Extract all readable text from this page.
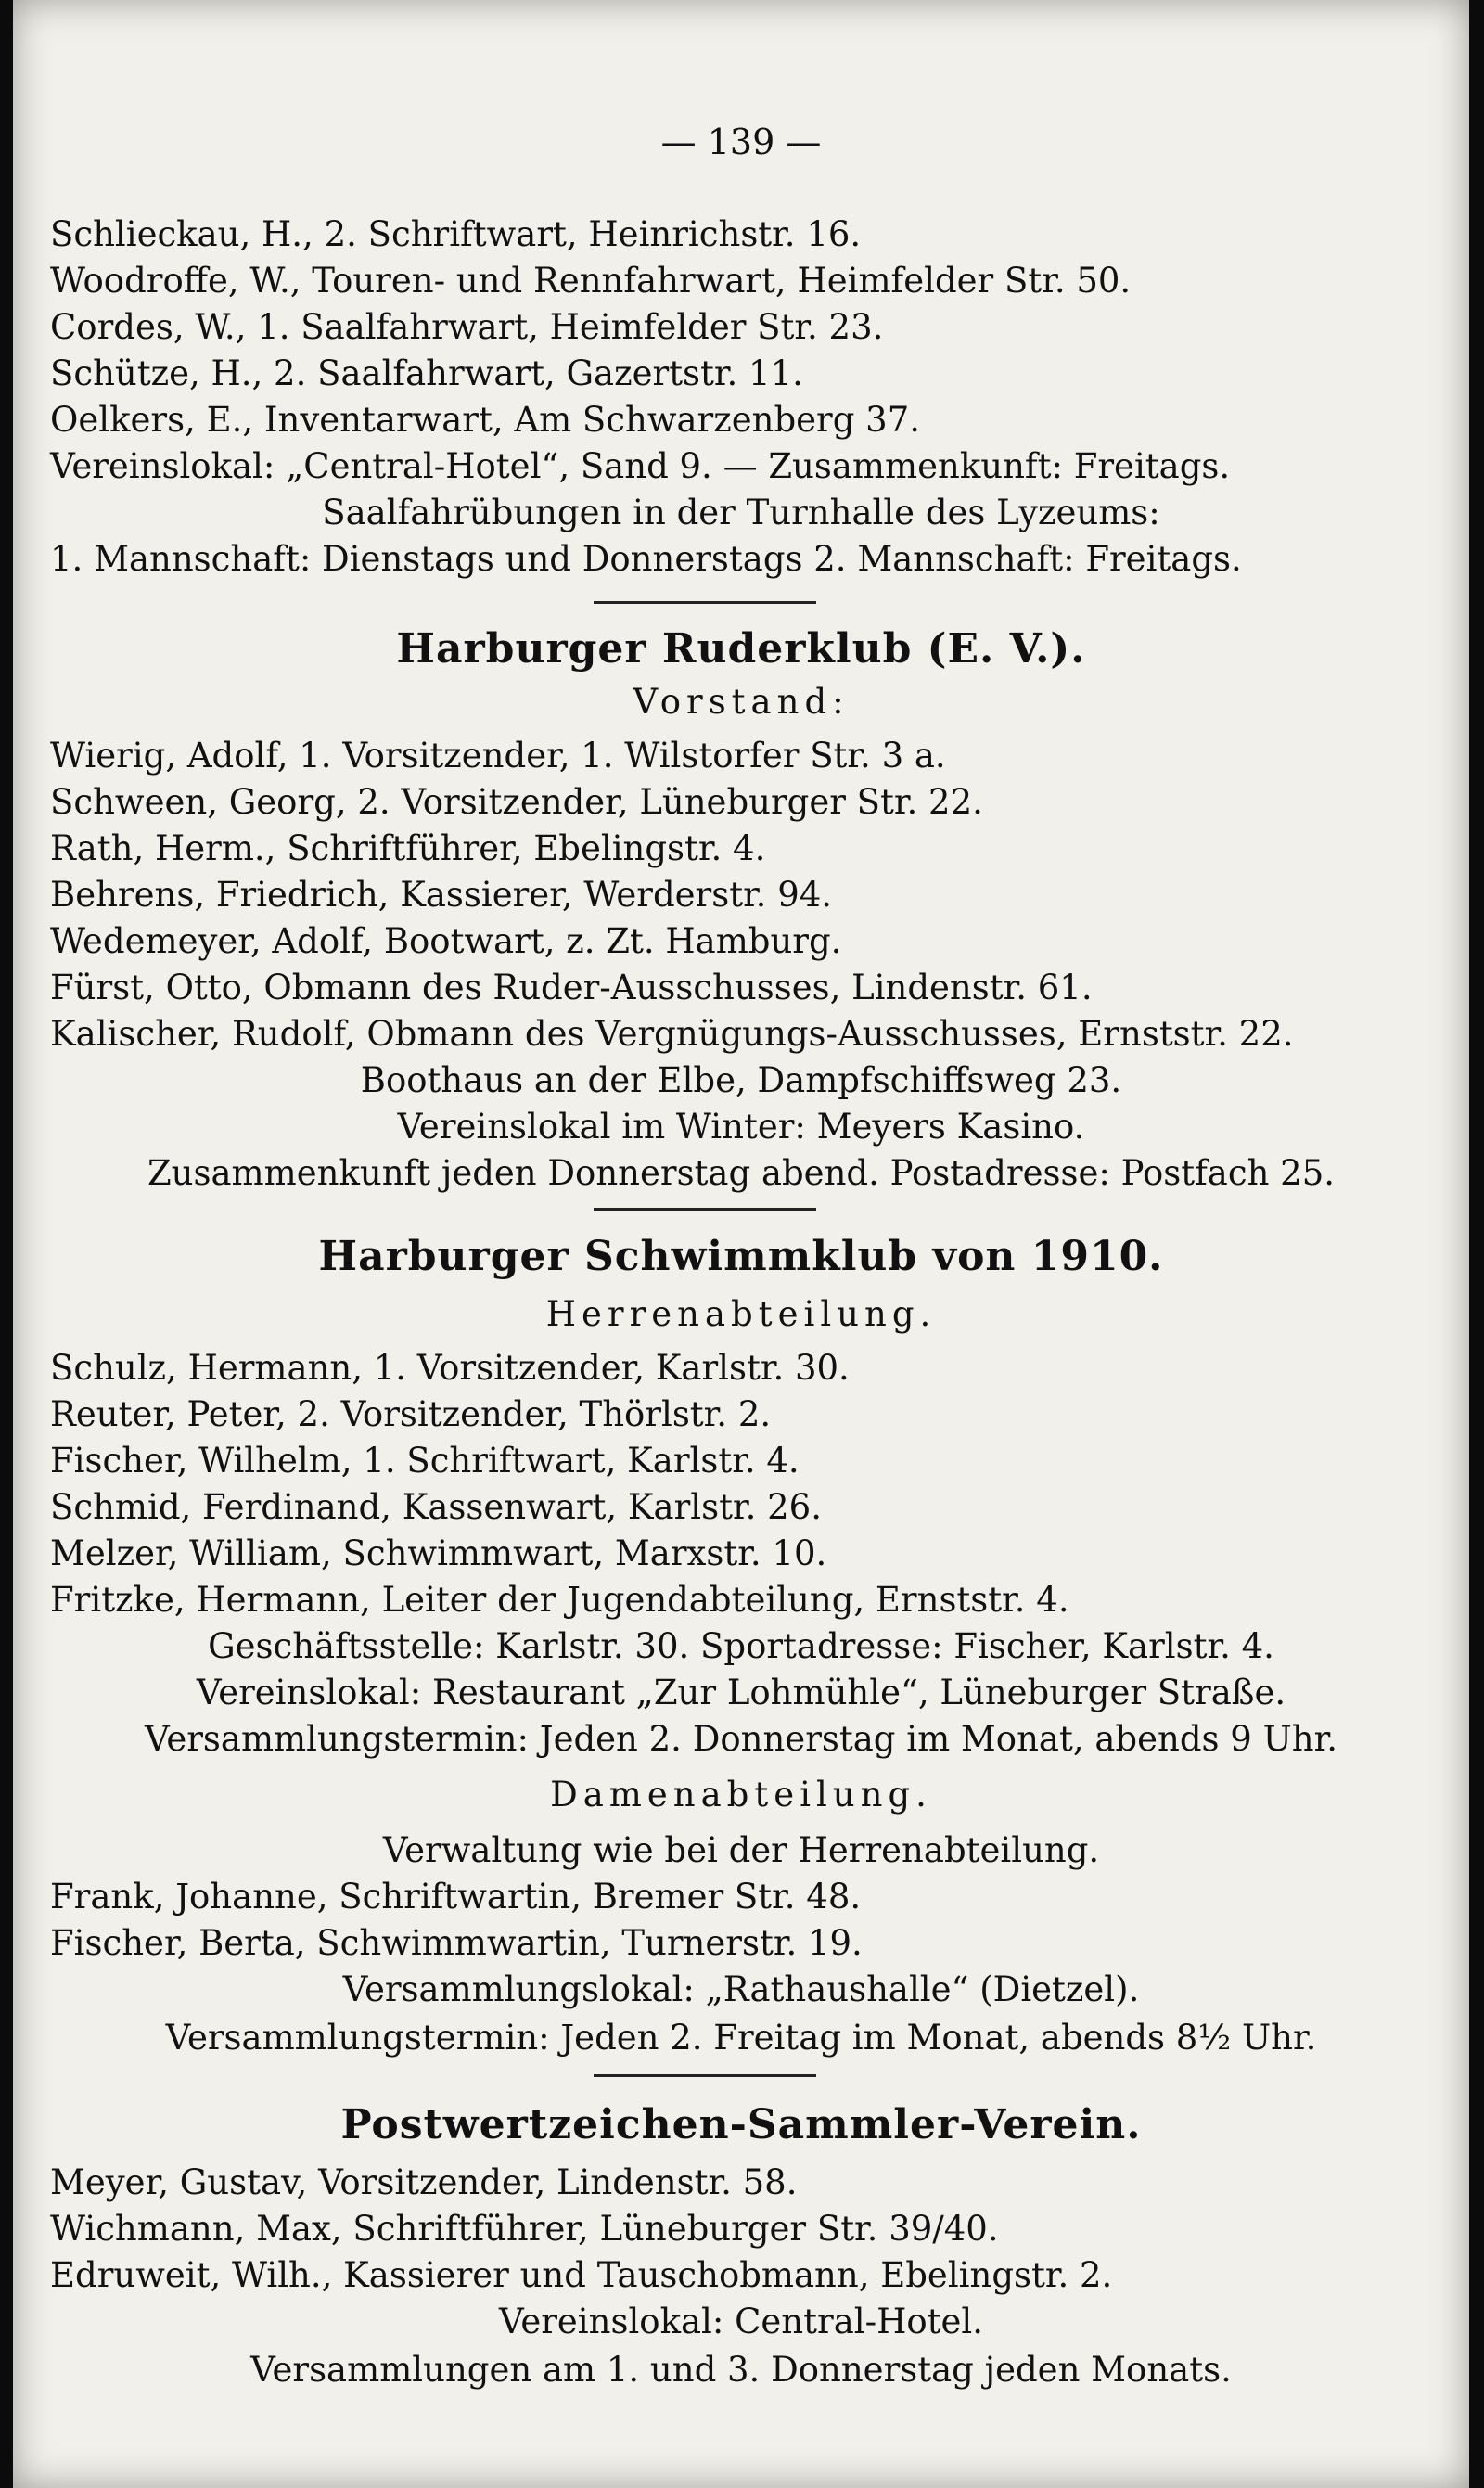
— 139 —
Schlieckau, H., 2. Schriftwart, Heinrichstr. 16.
Woodroffe, W., Touren- und Rennfahrwart, Heimfelder Str. 50.
Cordes, W., 1. Saalfahrwart, Heimfelder Str. 23.
Schütze, H., 2. Saalfahrwart, Gazertstr. 11.
Oelkers, E., Inventarwart, Am Schwarzenberg 37.
Vereinslokal: „Central-Hotel“, Sand 9. — Zusammenkunft: Freitags.
Saalfahrübungen in der Turnhalle des Lyzeums:
1. Mannschaft: Dienstags und Donnerstags 2. Mannschaft: Freitags.
Harburger Ruderklub (E. V.).
Vorstand:
Wierig, Adolf, 1. Vorsitzender, 1. Wilstorfer Str. 3 a.
Schween, Georg, 2. Vorsitzender, Lüneburger Str. 22.
Rath, Herm., Schriftführer, Ebelingstr. 4.
Behrens, Friedrich, Kassierer, Werderstr. 94.
Wedemeyer, Adolf, Bootwart, z. Zt. Hamburg.
Fürst, Otto, Obmann des Ruder-Ausschusses, Lindenstr. 61.
Kalischer, Rudolf, Obmann des Vergnügungs-Ausschusses, Ernststr. 22.
Boothaus an der Elbe, Dampfschiffsweg 23.
Vereinslokal im Winter: Meyers Kasino.
Zusammenkunft jeden Donnerstag abend. Postadresse: Postfach 25.
Harburger Schwimmklub von 1910.
Herrenabteilung.
Schulz, Hermann, 1. Vorsitzender, Karlstr. 30.
Reuter, Peter, 2. Vorsitzender, Thörlstr. 2.
Fischer, Wilhelm, 1. Schriftwart, Karlstr. 4.
Schmid, Ferdinand, Kassenwart, Karlstr. 26.
Melzer, William, Schwimmwart, Marxstr. 10.
Fritzke, Hermann, Leiter der Jugendabteilung, Ernststr. 4.
Geschäftsstelle: Karlstr. 30. Sportadresse: Fischer, Karlstr. 4.
Vereinslokal: Restaurant „Zur Lohmühle“, Lüneburger Straße.
Versammlungstermin: Jeden 2. Donnerstag im Monat, abends 9 Uhr.
Damenabteilung.
Verwaltung wie bei der Herrenabteilung.
Frank, Johanne, Schriftwartin, Bremer Str. 48.
Fischer, Berta, Schwimmwartin, Turnerstr. 19.
Versammlungslokal: „Rathaushalle“ (Dietzel).
Versammlungstermin: Jeden 2. Freitag im Monat, abends 8½ Uhr.
Postwertzeichen-Sammler-Verein.
Meyer, Gustav, Vorsitzender, Lindenstr. 58.
Wichmann, Max, Schriftführer, Lüneburger Str. 39/40.
Edruweit, Wilh., Kassierer und Tauschobmann, Ebelingstr. 2.
Vereinslokal: Central-Hotel.
Versammlungen am 1. und 3. Donnerstag jeden Monats.
